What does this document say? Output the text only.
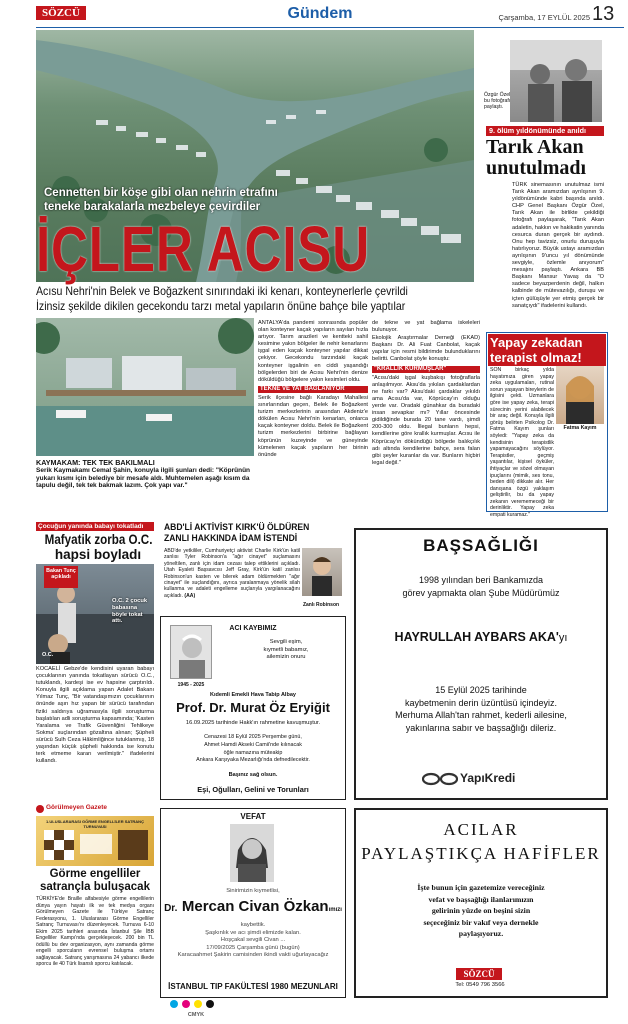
SÖZCÜ	Gündem	Çarşamba, 17 EYLÜL 2025 13
Cennetten bir köşe gibi olan nehrin etrafını
teneke barakalarla mezbeleye çevirdiler
İÇLER ACISU
Acısu Nehri'nin Belek ve Boğazkent sınırındaki iki kenarı, konteynerlerle çevrildi
İzinsiz şekilde dikilen gecekondu tarzı metal yapıların önüne bahçe bile yaptılar
KAYMAKAM: TEK TEK BAKILMALI
Serik Kaymakamı Cemal Şahin, konuyla ilgili şunları dedi: "Köprünün yukarı kısmı için belediye bir mesafe aldı. Muhtemelen aşağı kısım da tapulu değil, tek tek bakmak lazım. Çok yapı var."

ANTALYA'da pandemi sonrasında popüler olan konteyner kaçak yapıların sayıları hızla artıyor. Tarım arazileri ve kentteki sahil kesimine yakın bölgeler ile nehir kenarlarını işgal eden kaçak konteyner yapılar dikkat çekiyor. Gecekondu tarzındaki kaçak konteyner işgalinin en ciddi yaşandığı bölgelerden biri de Acısu Nehri'nin denize döküldüğü bölgelere yakın kesimleri oldu.

TEKNE VE YAT BAĞLANIYOR

Serik ilçesine bağlı Karadayı Mahallesi sınırlarından geçen, Belek ile Boğazkent turizm merkezlerinin arasından Akdeniz'e dökülen Acısu Nehri'nin kenarları, onlarca kaçak konteyner doldu. Belek ile Boğazkent turizm merkezlerini birbirine bağlayan köprünün kuzeyinde ve güneyinde kümelenen kaçak yapıların her birinin önünde

de tekne ve yat bağlama iskeleleri bulunuyor.

Ekolojik Araştırmalar Derneği (EKAD) Başkanı Dr. Ali Fuat Canbolat, kaçak yapılar için resmi bildirimde bulunduklarını belirtti. Canbolat şöyle konuştu:

"KRALLIK KURMUŞLAR"

"Acısu'daki işgal kuşbakışı fotoğraflarla anlaşılmıyor. Aksu'da yıkılan çardaklardan ne farkı var? Aksu'daki çardaklar yıkıldı ama Acısu'da var, Köprücay'ın olduğu yerde var. Oradaki günahkar da buradaki insan sevapkar mı? Yıllar öncesinde gidildiğinde burada 20 tane vardı, şimdi 200-300 oldu. İllegal bunların hepsi, kendilerine göre krallık kurmuşlar. Acısu ile Köprücay'ın dökündüğü bölgede balıkçılık adı altında kendilerine bahçe, sera falan gibi şeyler kuranlar da var. Bunların hiçbiri legal değil."

Özgür Özel bu fotoğrafı paylaştı.
9. ölüm yıldönümünde anıldı
Tarık Akan
unutulmadı
TÜRK sinemasının unutulmaz ismi Tarık Akan aramızdan ayrılışının 9. yıldönümünde kabri başında anıldı. CHP Genel Başkanı Özgür Özel, Tarık Akan ile birlikte çekildiği fotoğrafı paylaşarak, "Tarık Akan adaletin, hakkın ve hakikatin yanında cesurca duran gerçek bir aydındı. Onu hep tavizsiz, onurlu duruşuyla hatırlıyoruz. Büyük ustayı aramızdan ayrılışının 9'uncu yıl dönümünde sevgiyle, özlemle anıyorum" mesajını paylaştı. Ankara BB Başkanı Mansur Yavaş da "O sadece beyazperdenin değil, halkın kalbinde de mütevazılığı, duruşu ve içten gülüşüyle yer etmiş gerçek bir sanatçıydı" ifadelerini kullandı.
Yapay zekadan
terapist olmaz!
SON birkaç yılda hayatımıza giren yapay zeka uygulamaları, rutinal sorun yaşayan bireylerin de ilgisini çekti. Uzmanlara göre ise yapay zeka, terapi sürecinin yerini alabilecek bir araç değil. Konuyla ilgili görüş belirten Psikolog Dr. Fatma Kayım şunları söyledi: "Yapay zeka da kendisinin terapistlik yapamayacağını söylüyor. Terapistler, geçmiş yaşantılar, kişisel öyküler, ihtiyaçlar ve sözel olmayan ipuçlarını (mimik, ses tonu, beden dili) dikkate alır. Her danışana özgü yaklaşım geliştirilir, bu da yapay zekanın verememeceği bir derinliktir. Yapay zeka empati kuramaz."
Fatma Kayım
Çocuğun yanında babayı tokatladı
Mafyatik zorba O.C.
hapsi boyladı
Bakan Tunç açıkladı
O.C. 2 çocuk babasına böyle tokat attı.
O.C.
KOCAELİ Gebze'de kendisini uyaran babayı çocuklarının yanında tokatlayan sürücü O.C., tutuklandı, kardeşi ise ev hapsine çarptırıldı. Konuyla ilgili açıklama yapan Adalet Bakanı Yılmaz Tunç, "Bir vatandaşımızın çocuklarının önünde aşırı hız yapan bir sürücü tarafından fiziki saldırıya uğramasıyla ilgili soruşturma başlatılan adli soruşturma kapsamında; 'Kasten Yaralama ve Trafik Güvenliğini Tehlikeye Sokma' suçlarından gözaltına alınan; Şüpheli sürücü Sulh Ceza Hâkimliğince tutuklanmış, 18 yaşından küçük şüpheli hakkında ise konutu terk etmeme kararı verilmiştir." ifadelerini kullandı.
ABD'Lİ AKTİVİST KIRK'Ü ÖLDÜREN
ZANLI HAKKINDA İDAM İSTENDİ
ABD'de yetkililer, Cumhuriyetçi aktivist Charlie Kirk'ün katil zanlısı Tyler Robinson'a "ağır cinayet" suçlamasını yöneltilen, zanlı için idam cezası talep ettiklerini açıkladı. Utah Eyaleti Başsavcısı Jeff Gray, Kirk'ün katil zanlısı Robinson'un kasten ve bilerek adam öldürmekten "ağır cinayet" ile suçlandığını, ayrıca yaralanmaya yönelik silah kullanma ve adaleti engelleme suçlarıyla yargılanacağını açıkladı. (AA)
Zanlı Robinson
ACI KAYBIMIZ
1945 - 2025
Sevgili eşim,
kıymetli babamız,
ailemizin onuru
Kıdemli Emekli Hava Tabip Albay
Prof. Dr. Murat Öz Eryiğit
16.09.2025 tarihinde Hakk'ın rahmetine kavuşmuştur.
Cenazesi 18 Eylül 2025 Perşembe günü,
Ahmet Hamdi Akseki Camii'nde kılınacak
öğle namazına müteakip
Ankara Karşıyaka Mezarlığı'nda defnedilecektir.
Başınız sağ olsun.
Eşi, Oğulları, Gelini ve Torunları
BAŞSAĞLIĞI
1998 yılından beri Bankamızda
görev yapmakta olan Şube Müdürümüz
HAYRULLAH AYBARS AKA'yı
15 Eylül 2025 tarihinde
kaybetmenin derin üzüntüsü içindeyiz.
Merhuma Allah'tan rahmet, kederli ailesine,
yakınlarına sabır ve başsağlığı dileriz.
YapıKredi
Görülmeyen Gazete
1.ULUSLARARASI GÖRME ENGELLİLER SATRANÇ TURNUVASI
Görme engelliler
satrançla buluşacak
TÜRKİYE'de Braille alfabesiyle görme engellilerin dünya yayın hayatı ilk ve tek medya organı Görülmeyen Gazete ile Türkiye Satranç Federasyonu, 1. Uluslararası Görme Engelliler Satranç Turnuvası'nı düzenleyecek. Turnuva 6-10 Ekim 2025 tarihleri arasında İstanbul Şile İBB Engelliler Kampı'nda gerçekleşecek. 200 bin TL ödüllü bu dev organizasyon, aynı zamanda görme engelli sporcuların evrensel buluşma ortamı sağlayacak. Satranç yarışmasına 24 yabancı ilkede sporcu ile 40 Türk lisanslı sporcu katılacak.
VEFAT
Sinirimizin kıymetlisi,
Dr. Mercan Civan Özkanımızı
kaybettik.
Şaşkınlık ve acı şimdi elimizde kalan.
Hoşçakal sevgili Civan ...
17/09/2025 Çarşamba günü (bugün)
Karacaahmet Şakirin camisinden ikindi vakti uğurlayacağız
İSTANBUL TIP FAKÜLTESİ 1980 MEZUNLARI
ACILAR
PAYLAŞTIKÇA HAFİFLER
İşte bunun için gazetemize vereceğiniz
vefat ve başsağlığı ilanlarımızın
gelirinin yüzde on beşini sizin
seçeceğiniz bir vakıf veya dernekle
paylaşıyoruz.
SÖZCÜ
Tel: 0549 796 3566
CMYK
